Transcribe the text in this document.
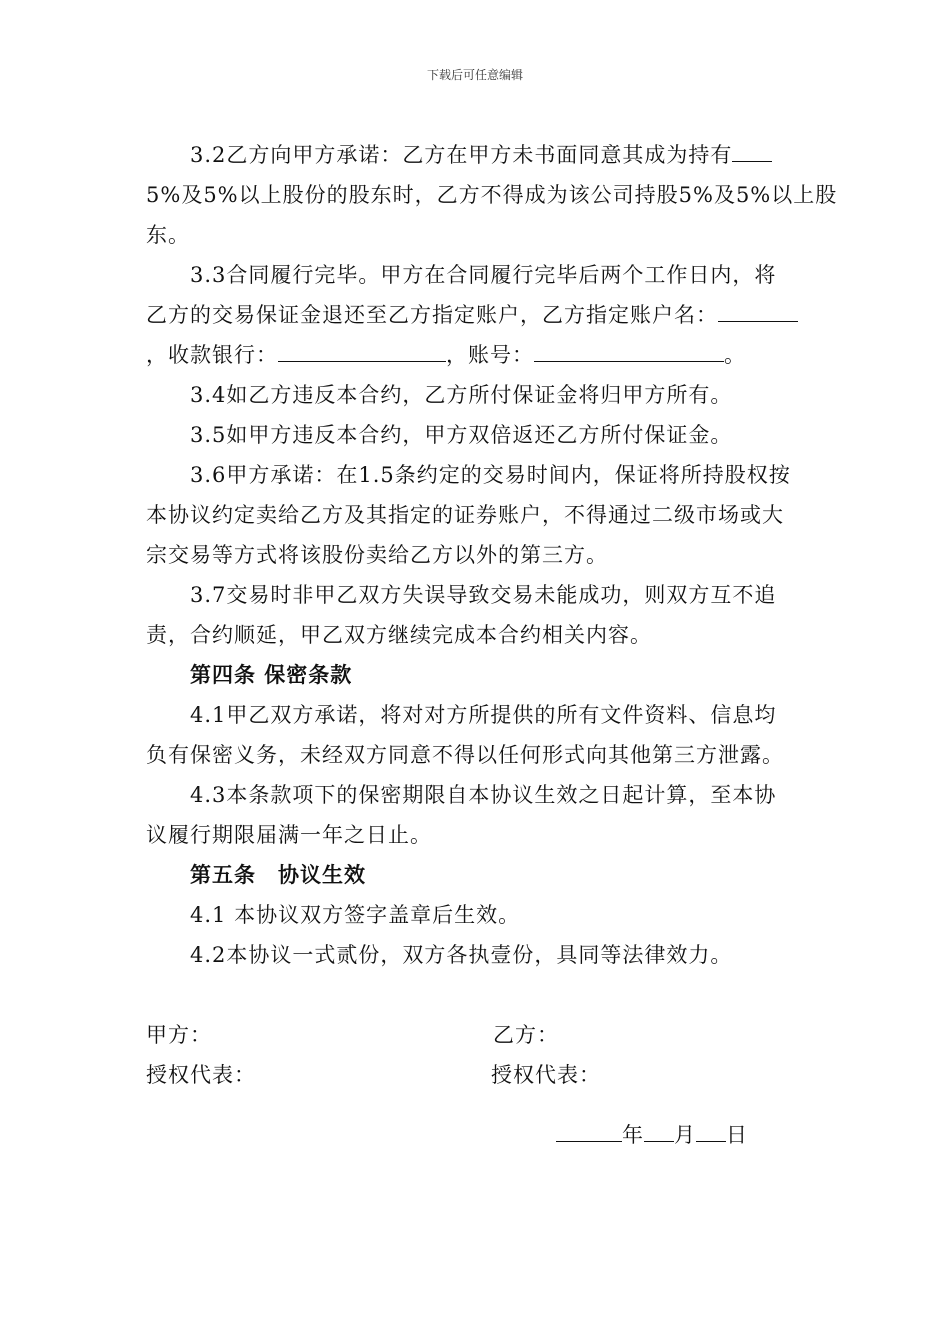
下载后可任意编辑
3.2乙方向甲方承诺：乙方在甲方未书面同意其成为持有
5%及5%以上股份的股东时，乙方不得成为该公司持股5%及5%以上股
东。
3.3合同履行完毕。甲方在合同履行完毕后两个工作日内，将
乙方的交易保证金退还至乙方指定账户，乙方指定账户名：
，收款银行：	，账号：	。
3.4如乙方违反本合约，乙方所付保证金将归甲方所有。
3.5如甲方违反本合约，甲方双倍返还乙方所付保证金。
3.6甲方承诺：在1.5条约定的交易时间内，保证将所持股权按
本协议约定卖给乙方及其指定的证券账户，不得通过二级市场或大
宗交易等方式将该股份卖给乙方以外的第三方。
3.7交易时非甲乙双方失误导致交易未能成功，则双方互不追
责，合约顺延，甲乙双方继续完成本合约相关内容。
第四条 保密条款
4.1甲乙双方承诺，将对对方所提供的所有文件资料、信息均
负有保密义务，未经双方同意不得以任何形式向其他第三方泄露。
4.3本条款项下的保密期限自本协议生效之日起计算，至本协
议履行期限届满一年之日止。
第五条　协议生效
4.1 本协议双方签字盖章后生效。
4.2本协议一式贰份，双方各执壹份，具同等法律效力。
甲方：	乙方：
授权代表：	授权代表：
年 月 日
